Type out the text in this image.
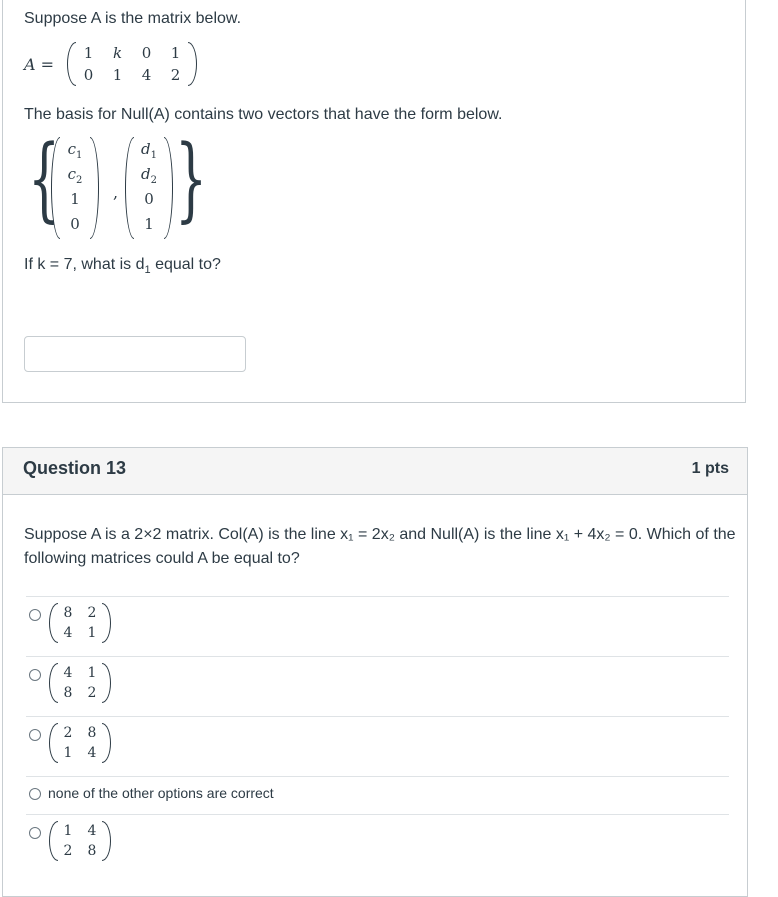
Suppose A is the matrix below.
A =
1	k	0	1
0	1	4	2
The basis for Null(A) contains two vectors that have the form below.
{ $c_1$
$c_2$
1
0
,
$d_1$
$d_2$
0
1 }
If k = 7, what is $d_1$ equal to?
Question 13	1 pts
Suppose A is a 2×2 matrix. Col(A) is the line x₁ = 2x₂ and Null(A) is the line x₁ + 4x₂ = 0. Which of the
following matrices could A be equal to?
8	2
4	1
4	1
8	2
2	8
1	4
none of the other options are correct
1	4
2	8
